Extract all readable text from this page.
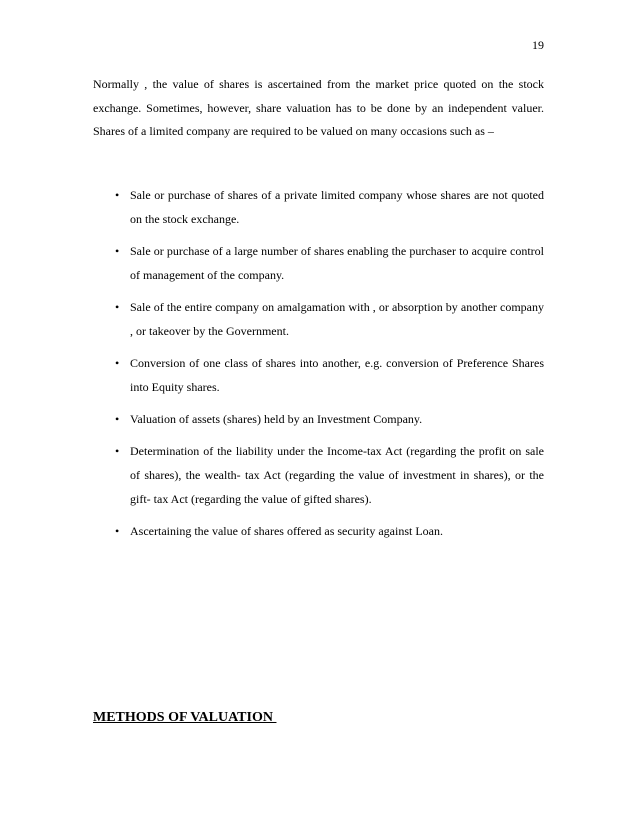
19

Normally , the value of shares is ascertained from the market price quoted on the stock exchange. Sometimes, however, share valuation has to be done by an independent valuer. Shares of a limited company are required to be valued on many occasions such as –

• Sale or purchase of shares of a private limited company whose shares are not quoted on the stock exchange.
• Sale or purchase of a large number of shares enabling the purchaser to acquire control of management of the company.
• Sale of the entire company on amalgamation with , or absorption by another company , or takeover by the Government.
• Conversion of one class of shares into another, e.g. conversion of Preference Shares into Equity shares.
• Valuation of assets (shares) held by an Investment Company.
• Determination of the liability under the Income-tax Act (regarding the profit on sale of shares), the wealth- tax Act (regarding the value of investment in shares), or the gift- tax Act (regarding the value of gifted shares).
• Ascertaining the value of shares offered as security against Loan.
METHODS OF VALUATION
